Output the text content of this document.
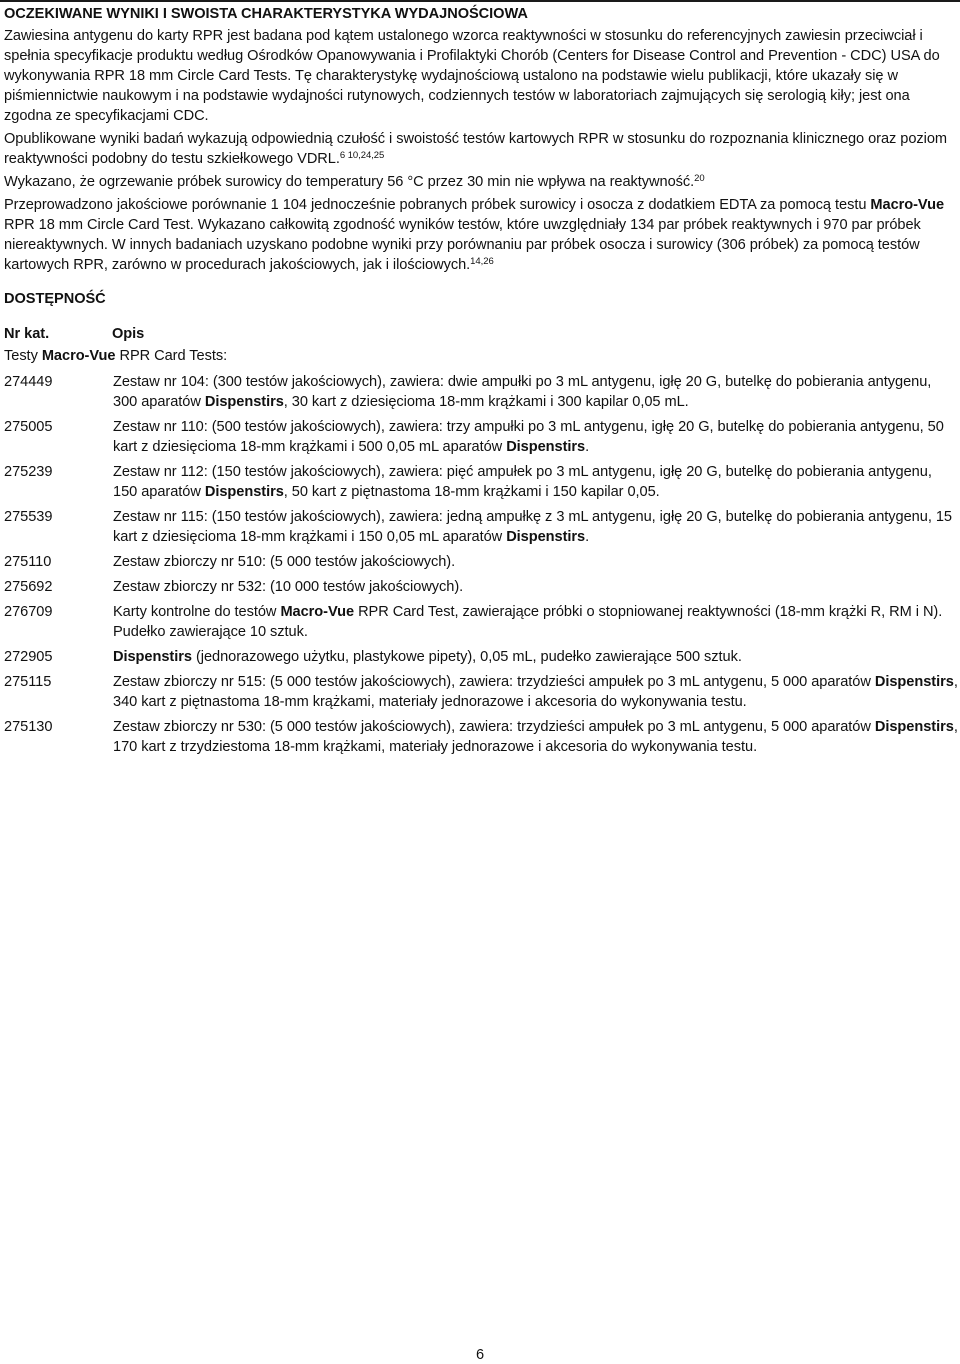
OCZEKIWANE WYNIKI I SWOISTA CHARAKTERYSTYKA WYDAJNOŚCIOWA

Zawiesina antygenu do karty RPR jest badana pod kątem ustalonego wzorca reaktywności w stosunku do referencyjnych zawiesin przeciwciał i spełnia specyfikacje produktu według Ośrodków Opanowywania i Profilaktyki Chorób (Centers for Disease Control and Prevention - CDC) USA do wykonywania RPR 18 mm Circle Card Tests. Tę charakterystykę wydajnościową ustalono na podstawie wielu publikacji, które ukazały się w piśmiennictwie naukowym i na podstawie wydajności rutynowych, codziennych testów w laboratoriach zajmujących się serologią kiły; jest ona zgodna ze specyfikacjami CDC.

Opublikowane wyniki badań wykazują odpowiednią czułość i swoistość testów kartowych RPR w stosunku do rozpoznania klinicznego oraz poziom reaktywności podobny do testu szkiełkowego VDRL.$^{6 10,24,25}$

Wykazano, że ogrzewanie próbek surowicy do temperatury 56 °C przez 30 min nie wpływa na reaktywność.$^{20}$

Przeprowadzono jakościowe porównanie 1 104 jednocześnie pobranych próbek surowicy i osocza z dodatkiem EDTA za pomocą testu Macro-Vue RPR 18 mm Circle Card Test. Wykazano całkowitą zgodność wyników testów, które uwzględniały 134 par próbek reaktywnych i 970 par próbek niereaktywnych. W innych badaniach uzyskano podobne wyniki przy porównaniu par próbek osocza i surowicy (306 próbek) za pomocą testów kartowych RPR, zarówno w procedurach jakościowych, jak i ilościowych.$^{14,26}$

DOSTĘPNOŚĆ
Nr kat.	Opis
Testy Macro-Vue RPR Card Tests:
274449	Zestaw nr 104: (300 testów jakościowych), zawiera: dwie ampułki po 3 mL antygenu, igłę 20 G, butelkę do pobierania antygenu, 300 aparatów Dispenstirs, 30 kart z dziesięcioma 18-mm krążkami i 300 kapilar 0,05 mL.
275005	Zestaw nr 110: (500 testów jakościowych), zawiera: trzy ampułki po 3 mL antygenu, igłę 20 G, butelkę do pobierania antygenu, 50 kart z dziesięcioma 18-mm krążkami i 500 0,05 mL aparatów Dispenstirs.
275239	Zestaw nr 112: (150 testów jakościowych), zawiera: pięć ampułek po 3 mL antygenu, igłę 20 G, butelkę do pobierania antygenu, 150 aparatów Dispenstirs, 50 kart z piętnastoma 18-mm krążkami i 150 kapilar 0,05.
275539	Zestaw nr 115: (150 testów jakościowych), zawiera: jedną ampułkę z 3 mL antygenu, igłę 20 G, butelkę do pobierania antygenu, 15 kart z dziesięcioma 18-mm krążkami i 150 0,05 mL aparatów Dispenstirs.
275110	Zestaw zbiorczy nr 510: (5 000 testów jakościowych).
275692	Zestaw zbiorczy nr 532: (10 000 testów jakościowych).
276709	Karty kontrolne do testów Macro-Vue RPR Card Test, zawierające próbki o stopniowanej reaktywności (18-mm krążki R, RM i N). Pudełko zawierające 10 sztuk.
272905	Dispenstirs (jednorazowego użytku, plastykowe pipety), 0,05 mL, pudełko zawierające 500 sztuk.
275115	Zestaw zbiorczy nr 515: (5 000 testów jakościowych), zawiera: trzydzieści ampułek po 3 mL antygenu, 5 000 aparatów Dispenstirs, 340 kart z piętnastoma 18-mm krążkami, materiały jednorazowe i akcesoria do wykonywania testu.
275130	Zestaw zbiorczy nr 530: (5 000 testów jakościowych), zawiera: trzydzieści ampułek po 3 mL antygenu, 5 000 aparatów Dispenstirs, 170 kart z trzydziestoma 18-mm krążkami, materiały jednorazowe i akcesoria do wykonywania testu.
6
